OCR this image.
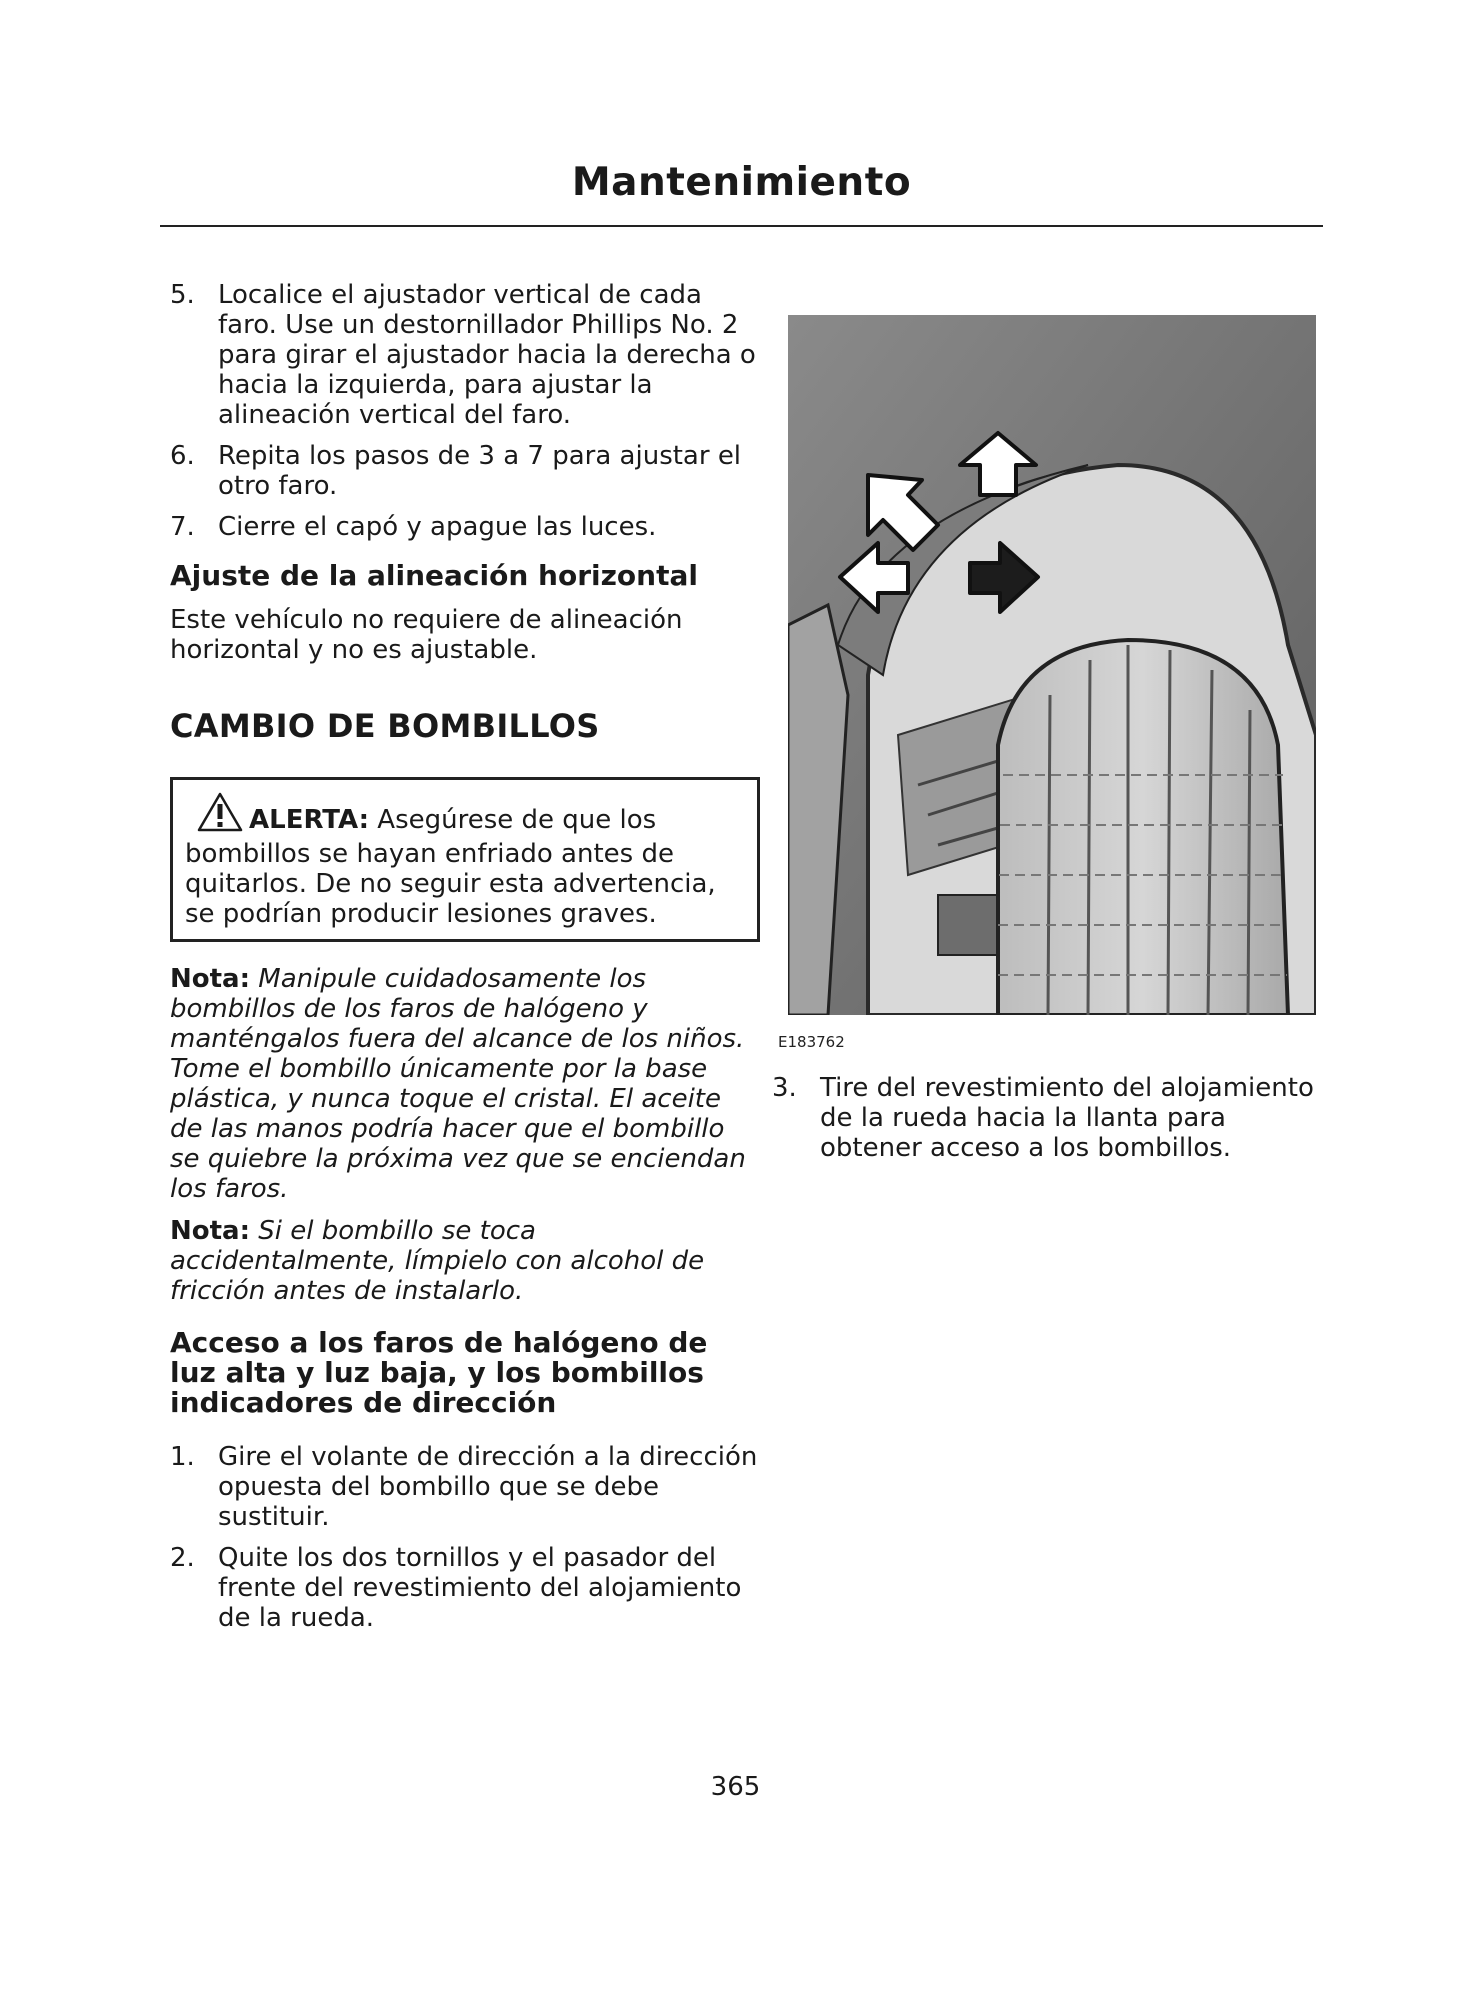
Mantenimiento
5. Localice el ajustador vertical de cada faro. Use un destornillador Phillips No. 2 para girar el ajustador hacia la derecha o hacia la izquierda, para ajustar la alineación vertical del faro.
6. Repita los pasos de 3 a 7 para ajustar el otro faro.
7. Cierre el capó y apague las luces.
Ajuste de la alineación horizontal

Este vehículo no requiere de alineación horizontal y no es ajustable.

CAMBIO DE BOMBILLOS
ALERTA: Asegúrese de que los bombillos se hayan enfriado antes de quitarlos. De no seguir esta advertencia, se podrían producir lesiones graves.

Nota: Manipule cuidadosamente los bombillos de los faros de halógeno y manténgalos fuera del alcance de los niños. Tome el bombillo únicamente por la base plástica, y nunca toque el cristal. El aceite de las manos podría hacer que el bombillo se quiebre la próxima vez que se enciendan los faros.

Nota: Si el bombillo se toca accidentalmente, límpielo con alcohol de fricción antes de instalarlo.

Acceso a los faros de halógeno de luz alta y luz baja, y los bombillos indicadores de dirección
1. Gire el volante de dirección a la dirección opuesta del bombillo que se debe sustituir.
2. Quite los dos tornillos y el pasador del frente del revestimiento del alojamiento de la rueda.
E183762
3. Tire del revestimiento del alojamiento de la rueda hacia la llanta para obtener acceso a los bombillos.
365
